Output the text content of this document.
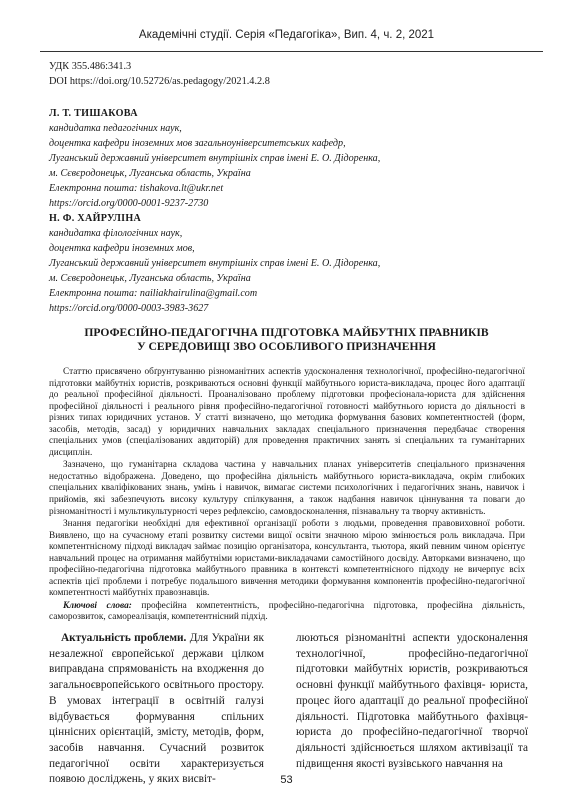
Академічні студії. Серія «Педагогіка», Вип. 4, ч. 2, 2021
УДК 355.486:341.3
DOI https://doi.org/10.52726/as.pedagogy/2021.4.2.8
Л. Т. ТИШАКОВА
кандидатка педагогічних наук,
доцентка кафедри іноземних мов загальноуніверситетських кафедр,
Луганський державний університет внутрішніх справ імені Е. О. Дідоренка,
м. Сєвєродонецьк, Луганська область, Україна
Електронна пошта: tishakova.lt@ukr.net
https://orcid.org/0000-0001-9237-2730
Н. Ф. ХАЙРУЛІНА
кандидатка філологічних наук,
доцентка кафедри іноземних мов,
Луганський державний університет внутрішніх справ імені Е. О. Дідоренка,
м. Сєвєродонецьк, Луганська область, Україна
Електронна пошта: nailiakhairulina@gmail.com
https://orcid.org/0000-0003-3983-3627
ПРОФЕСІЙНО-ПЕДАГОГІЧНА ПІДГОТОВКА МАЙБУТНІХ ПРАВНИКІВ
У СЕРЕДОВИЩІ ЗВО ОСОБЛИВОГО ПРИЗНАЧЕННЯ

Статтю присвячено обґрунтуванню різноманітних аспектів удосконалення технологічної, професійно-педагогічної підготовки майбутніх юристів, розкриваються основні функції майбутнього юриста-викладача, процес його адаптації до реальної професійної діяльності. Проаналізовано проблему підготовки професіонала-юриста для здійснення професійної діяльності і реального рівня професійно-педагогічної готовності майбутнього юриста до діяльності в різних типах юридичних установ. У статті визначено, що методика формування базових компетентностей (форм, засобів, методів, засад) у юридичних навчальних закладах спеціального призначення передбачає створення спеціальних умов (спеціалізованих авдиторій) для проведення практичних занять зі спеціальних та гуманітарних дисциплін.

Зазначено, що гуманітарна складова частина у навчальних планах університетів спеціального призначення недостатньо відображена. Доведено, що професійна діяльність майбутнього юриста-викладача, окрім глибоких спеціальних кваліфікованих знань, умінь і навичок, вимагає системи психологічних і педагогічних знань, навичок і прийомів, які забезпечують високу культуру спілкування, а також надбання навичок ціннування та поваги до різноманітності і мультикультурності через рефлексію, самовдосконалення, пізнавальну та творчу активність.

Знання педагогіки необхідні для ефективної організації роботи з людьми, проведення правовиховної роботи. Виявлено, що на сучасному етапі розвитку системи вищої освіти значною мірою змінюється роль викладача. При компетентнісному підході викладач займає позицію організатора, консультанта, тьютора, який певним чином орієнтує навчальний процес на отримання майбутніми юристами-викладачами самостійного досвіду. Авторками визначено, що професійно-педагогічна підготовка майбутнього правника в контексті компетентнісного підходу не вичерпує всіх аспектів цієї проблеми і потребує подальшого вивчення методики формування компонентів професійно-педагогічної компетентності майбутніх правознавців.

Ключові слова: професійна компетентність, професійно-педагогічна підготовка, професійна діяльність, саморозвиток, самореалізація, компетентнісний підхід.

Актуальність проблеми. Для України як незалежної європейської держави цілком виправдана спрямованість на входження до загальноєвропейського освітнього простору. В умовах інтеграції в освітній галузі відбувається формування спільних ціннісних орієнтацій, змісту, методів, форм, засобів навчання. Сучасний розвиток педагогічної освіти характеризується появою досліджень, у яких висвіт-

люються різноманітні аспекти удосконалення технологічної, професійно-педагогічної підготовки майбутніх юристів, розкриваються основні функції майбутнього фахівця- юриста, процес його адаптації до реальної професійної діяльності. Підготовка майбутнього фахівця-юриста до професійно-педагогічної творчої діяльності здійснюється шляхом активізації та підвищення якості вузівського навчання на

53
